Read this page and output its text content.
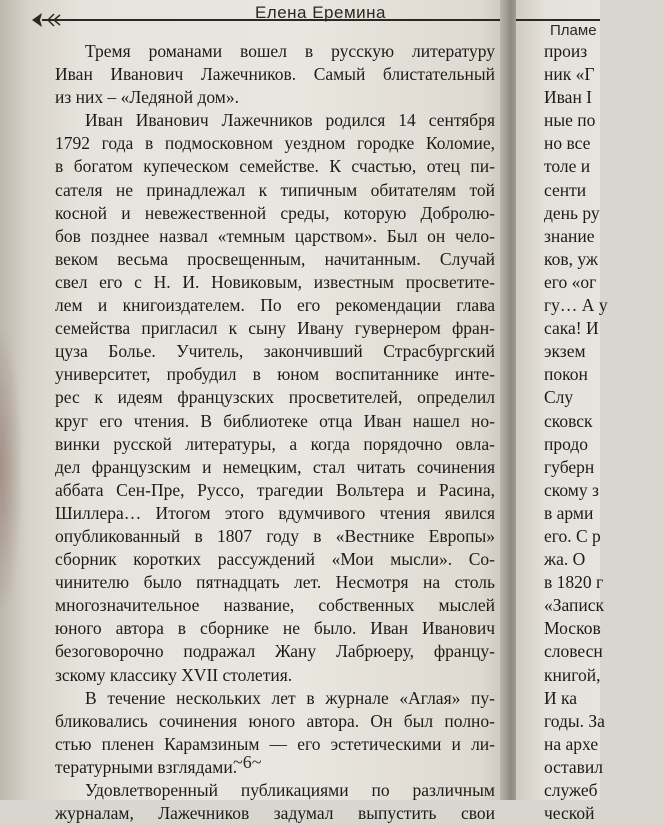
Елена Еремина
Тремя романами вошел в русскую литературу
Иван Иванович Лажечников. Самый блистательный
из них – «Ледяной дом».
Иван Иванович Лажечников родился 14 сентября
1792 года в подмосковном уездном городке Коломие,
в богатом купеческом семействе. К счастью, отец пи-
сателя не принадлежал к типичным обитателям той
косной и невежественной среды, которую Добролю-
бов позднее назвал «темным царством». Был он чело-
веком весьма просвещенным, начитанным. Случай
свел его с Н. И. Новиковым, известным просветите-
лем и книгоиздателем. По его рекомендации глава
семейства пригласил к сыну Ивану гувернером фран-
цуза Болье. Учитель, закончивший Страсбургский
университет, пробудил в юном воспитаннике инте-
рес к идеям французских просветителей, определил
круг его чтения. В библиотеке отца Иван нашел но-
винки русской литературы, а когда порядочно овла-
дел французским и немецким, стал читать сочинения
аббата Сен-Пре, Руссо, трагедии Вольтера и Расина,
Шиллера… Итогом этого вдумчивого чтения явился
опубликованный в 1807 году в «Вестнике Европы»
сборник коротких рассуждений «Мои мысли». Со-
чинителю было пятнадцать лет. Несмотря на столь
многозначительное название, собственных мыслей
юного автора в сборнике не было. Иван Иванович
безоговорочно подражал Жану Лабрюеру, францу-
зскому классику XVII столетия.
В течение нескольких лет в журнале «Аглая» пу-
бликовались сочинения юного автора. Он был полно-
стью пленен Карамзиным — его эстетическими и ли-
тературными взглядами.
Удовлетворенный публикациями по различным
журналам, Лажечников задумал выпустить свои
~6~
Пламе
произ
ник «Г
Иван I
ные по
но все
толе и
сенти
день ру
знание
ков, уж
его «ог
гу… А у
сака! И
экзем
покон
Слу
сковск
продо
губерн
скому з
в арми
его. С р
жа. О
в 1820 г
«Записк
Москов
словесн
книгой,
И ка
годы. За
на архе
оставил
служеб
ческой
